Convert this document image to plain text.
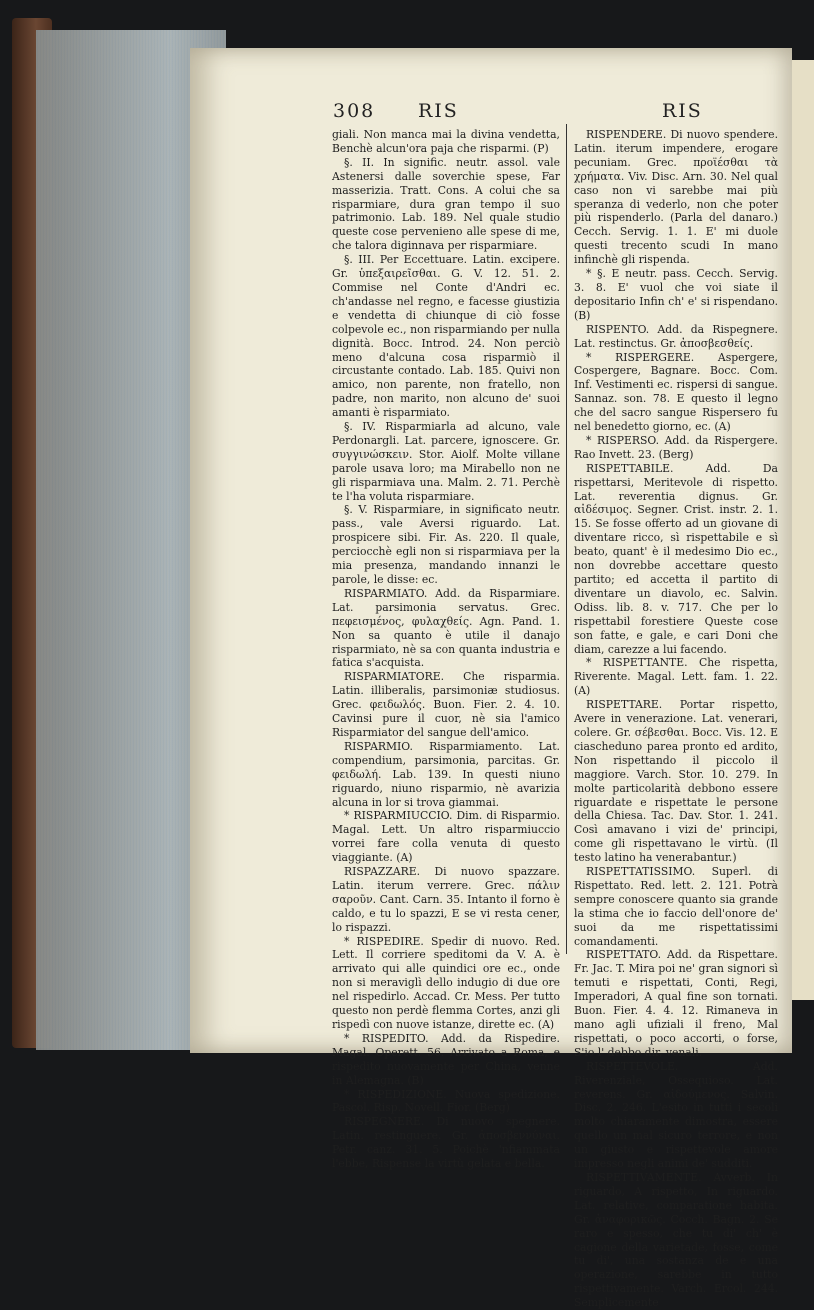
308 RIS	RIS

giali. Non manca mai la divina vendetta, Benchè alcun'ora paja che risparmi. (P)

§. II. In signific. neutr. assol. vale Astenersi dalle soverchie spese, Far masserizia. Tratt. Cons. A colui che sa risparmiare, dura gran tempo il suo patrimonio. Lab. 189. Nel quale studio queste cose pervenieno alle spese di me, che talora diginnava per risparmiare.

§. III. Per Eccettuare. Latin. excipere. Gr. ὑπεξαιρεῖσθαι. G. V. 12. 51. 2. Commise nel Conte d'Andri ec. ch'andasse nel regno, e facesse giustizia e vendetta di chiunque di ciò fosse colpevole ec., non risparmiando per nulla dignità. Bocc. Introd. 24. Non perciò meno d'alcuna cosa risparmiò il circustante contado. Lab. 185. Quivi non amico, non parente, non fratello, non padre, non marito, non alcuno de' suoi amanti è risparmiato.

§. IV. Risparmiarla ad alcuno, vale Perdonargli. Lat. parcere, ignoscere. Gr. συγγινώσκειν. Stor. Aiolf. Molte villane parole usava loro; ma Mirabello non ne gli risparmiava una. Malm. 2. 71. Perchè te l'ha voluta risparmiare.

§. V. Risparmiare, in significato neutr. pass., vale Aversi riguardo. Lat. prospicere sibi. Fir. As. 220. Il quale, perciocchè egli non si risparmiava per la mia presenza, mandando innanzi le parole, le disse: ec.

RISPARMIATO. Add. da Risparmiare. Lat. parsimonia servatus. Grec. πεφεισμένος, φυλαχθείς. Agn. Pand. 1. Non sa quanto è utile il danajo risparmiato, nè sa con quanta industria e fatica s'acquista.

RISPARMIATORE. Che risparmia. Latin. illiberalis, parsimoniæ studiosus. Grec. φειδωλός. Buon. Fier. 2. 4. 10. Cavinsi pure il cuor, nè sia l'amico Risparmiator del sangue dell'amico.

RISPARMIO. Risparmiamento. Lat. compendium, parsimonia, parcitas. Gr. φειδωλή. Lab. 139. In questi niuno riguardo, niuno risparmio, nè avarizia alcuna in lor si trova giammai.

* RISPARMIUCCIO. Dim. di Risparmio. Magal. Lett. Un altro risparmiuccio vorrei fare colla venuta di questo viaggiante. (A)

RISPAZZARE. Di nuovo spazzare. Latin. iterum verrere. Grec. πάλιν σαροῦν. Cant. Carn. 35. Intanto il forno è caldo, e tu lo spazzi, E se vi resta cener, lo rispazzi.

* RISPEDIRE. Spedir di nuovo. Red. Lett. Il corriere speditomi da V. A. è arrivato qui alle quindici ore ec., onde non si meraviglì dello indugio di due ore nel rispedirlo. Accad. Cr. Mess. Per tutto questo non perdè flemma Cortes, anzi gli rispedì con nuove istanze, dirette ec. (A)

* RISPEDITO. Add. da Rispedire. Magal. Operett. 56. Arrivato a Roma, e rispedito nuovamente per China, venne in Alemagna. (B)

* RISPEDIZIONE. Nuova spedizione. Pascol. Risp. Novell. Fior. (Berg)

RISPEGNERE. Di nuovo spegnere. Latin. restinguere. Gr. ἀποσβεννύναι. Petr. canz. 31. 5. Poichè 'nfiammata l'ebbe, Rispense la virtù gelata e bella.

RISPENDERE. Di nuovo spendere. Latin. iterum impendere, erogare pecuniam. Grec. προϊέσθαι τὰ χρήματα. Viv. Disc. Arn. 30. Nel qual caso non vi sarebbe mai più speranza di vederlo, non che poter più rispenderlo. (Parla del danaro.) Cecch. Servig. 1. 1. E' mi duole questi trecento scudi In mano infinchè gli rispenda.

* §. E neutr. pass. Cecch. Servig. 3. 8. E' vuol che voi siate il depositario Infin ch' e' si rispendano. (B)

RISPENTO. Add. da Rispegnere. Lat. restinctus. Gr. ἀποσβεσθείς.

* RISPERGERE. Aspergere, Cospergere, Bagnare. Bocc. Com. Inf. Vestimenti ec. rispersi di sangue. Sannaz. son. 78. E questo il legno che del sacro sangue Rispersero fu nel benedetto giorno, ec. (A)

* RISPERSO. Add. da Rispergere. Rao Invett. 23. (Berg)

RISPETTABILE. Add. Da rispettarsi, Meritevole di rispetto. Lat. reverentia dignus. Gr. αἰδέσιμος. Segner. Crist. instr. 2. 1. 15. Se fosse offerto ad un giovane di diventare ricco, sì rispettabile e sì beato, quant' è il medesimo Dio ec., non dovrebbe accettare questo partito; ed accetta il partito di diventare un diavolo, ec. Salvin. Odiss. lib. 8. v. 717. Che per lo rispettabil forestiere Queste cose son fatte, e gale, e cari Doni che diam, carezze a lui facendo.

* RISPETTANTE. Che rispetta, Riverente. Magal. Lett. fam. 1. 22. (A)

RISPETTARE. Portar rispetto, Avere in venerazione. Lat. venerari, colere. Gr. σέβεσθαι. Bocc. Vis. 12. E ciascheduno parea pronto ed ardito, Non rispettando il piccolo il maggiore. Varch. Stor. 10. 279. In molte particolarità debbono essere riguardate e rispettate le persone della Chiesa. Tac. Dav. Stor. 1. 241. Così amavano i vizi de' principi, come gli rispettavano le virtù. (Il testo latino ha venerabantur.)

RISPETTATISSIMO. Superl. di Rispettato. Red. lett. 2. 121. Potrà sempre conoscere quanto sia grande la stima che io faccio dell'onore de' suoi da me rispettatissimi comandamenti.

RISPETTATO. Add. da Rispettare. Fr. Jac. T. Mira poi ne' gran signori sì temuti e rispettati, Conti, Regi, Imperadori, A qual fine son tornati. Buon. Fier. 4. 4. 12. Rimaneva in mano agli ufiziali il freno, Mal rispettati, o poco accorti, o forse, S'io l' debbo dir, venali.

RISPETTEVOLE. Add. Riverenziale, Ossequioso. Lat. reverens. Gr. αἰδούμενος. Salvin. Disc. 2. 246. L'esito in tutti i secoli molto chiaramente dimostra, essere quello un mal sicuro terrore, e non un giusto e rispettevole amore impresso negli animi de' sudditi.

RISPETTIVAMENTE. Avverb. In riguardo, A rispetto, In riguardo. Lat. relative, comparatione habita. Gr. ἀναφορικῶς. Cocch. Bagn. 2. Se raro e spesso, che tu di' ch' è cagione della varietade, fosse, come tu di', una sostanza de e una operazione, sarebbe in tutto rispettivamente. Varch. Ercol. 244. Semplicemente
